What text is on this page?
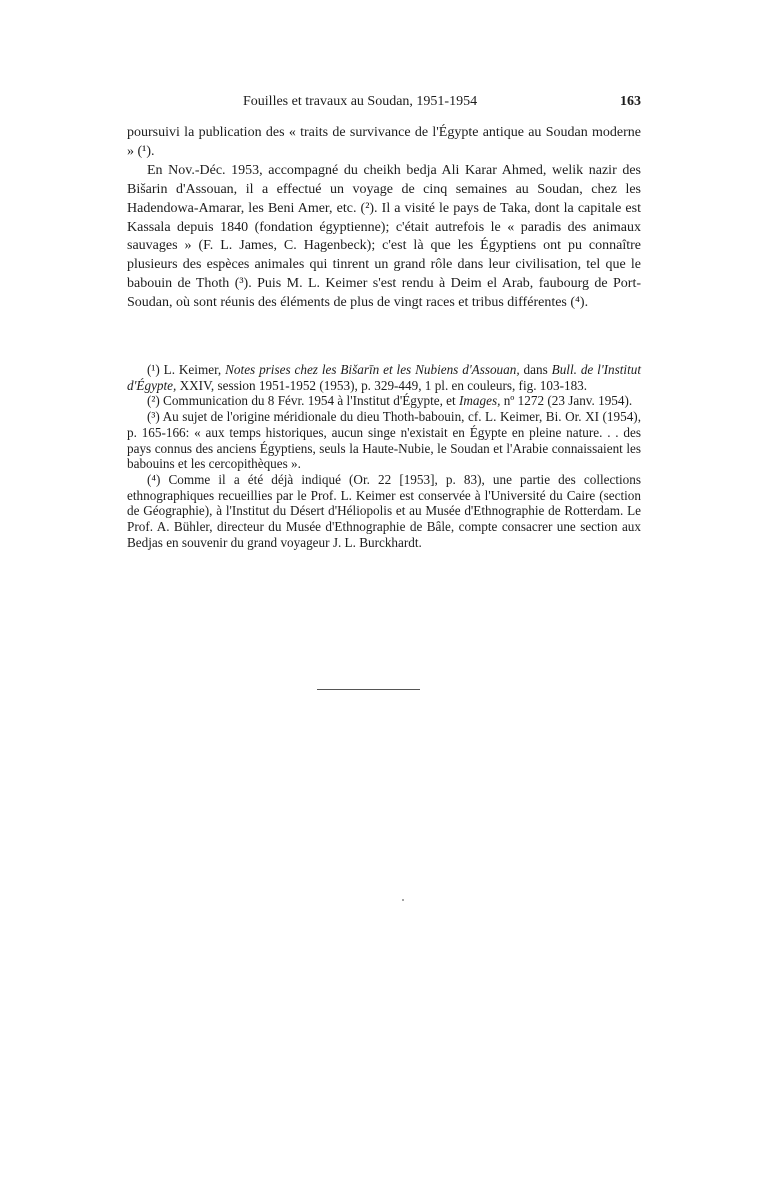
Fouilles et travaux au Soudan, 1951-1954	163

poursuivi la publication des « traits de survivance de l'Égypte antique au Soudan moderne » (¹).

En Nov.-Déc. 1953, accompagné du cheikh bedja Ali Karar Ahmed, welik nazir des Bišarin d'Assouan, il a effectué un voyage de cinq semaines au Soudan, chez les Hadendowa-Amarar, les Beni Amer, etc. (²). Il a visité le pays de Taka, dont la capitale est Kassala depuis 1840 (fondation égyptienne); c'était autrefois le « paradis des animaux sauvages » (F. L. James, C. Hagenbeck); c'est là que les Égyptiens ont pu connaître plusieurs des espèces animales qui tinrent un grand rôle dans leur civilisation, tel que le babouin de Thoth (³). Puis M. L. Keimer s'est rendu à Deim el Arab, faubourg de Port-Soudan, où sont réunis des éléments de plus de vingt races et tribus différentes (⁴).

(¹) L. Keimer, Notes prises chez les Bišarīn et les Nubiens d'Assouan, dans Bull. de l'Institut d'Égypte, XXIV, session 1951-1952 (1953), p. 329-449, 1 pl. en couleurs, fig. 103-183.

(²) Communication du 8 Févr. 1954 à l'Institut d'Égypte, et Images, nº 1272 (23 Janv. 1954).

(³) Au sujet de l'origine méridionale du dieu Thoth-babouin, cf. L. Keimer, Bi. Or. XI (1954), p. 165-166: « aux temps historiques, aucun singe n'existait en Égypte en pleine nature. . . des pays connus des anciens Égyptiens, seuls la Haute-Nubie, le Soudan et l'Arabie connaissaient les babouins et les cercopithèques ».

(⁴) Comme il a été déjà indiqué (Or. 22 [1953], p. 83), une partie des collections ethnographiques recueillies par le Prof. L. Keimer est conservée à l'Université du Caire (section de Géographie), à l'Institut du Désert d'Héliopolis et au Musée d'Ethnographie de Rotterdam. Le Prof. A. Bühler, directeur du Musée d'Ethnographie de Bâle, compte consacrer une section aux Bedjas en souvenir du grand voyageur J. L. Burckhardt.
